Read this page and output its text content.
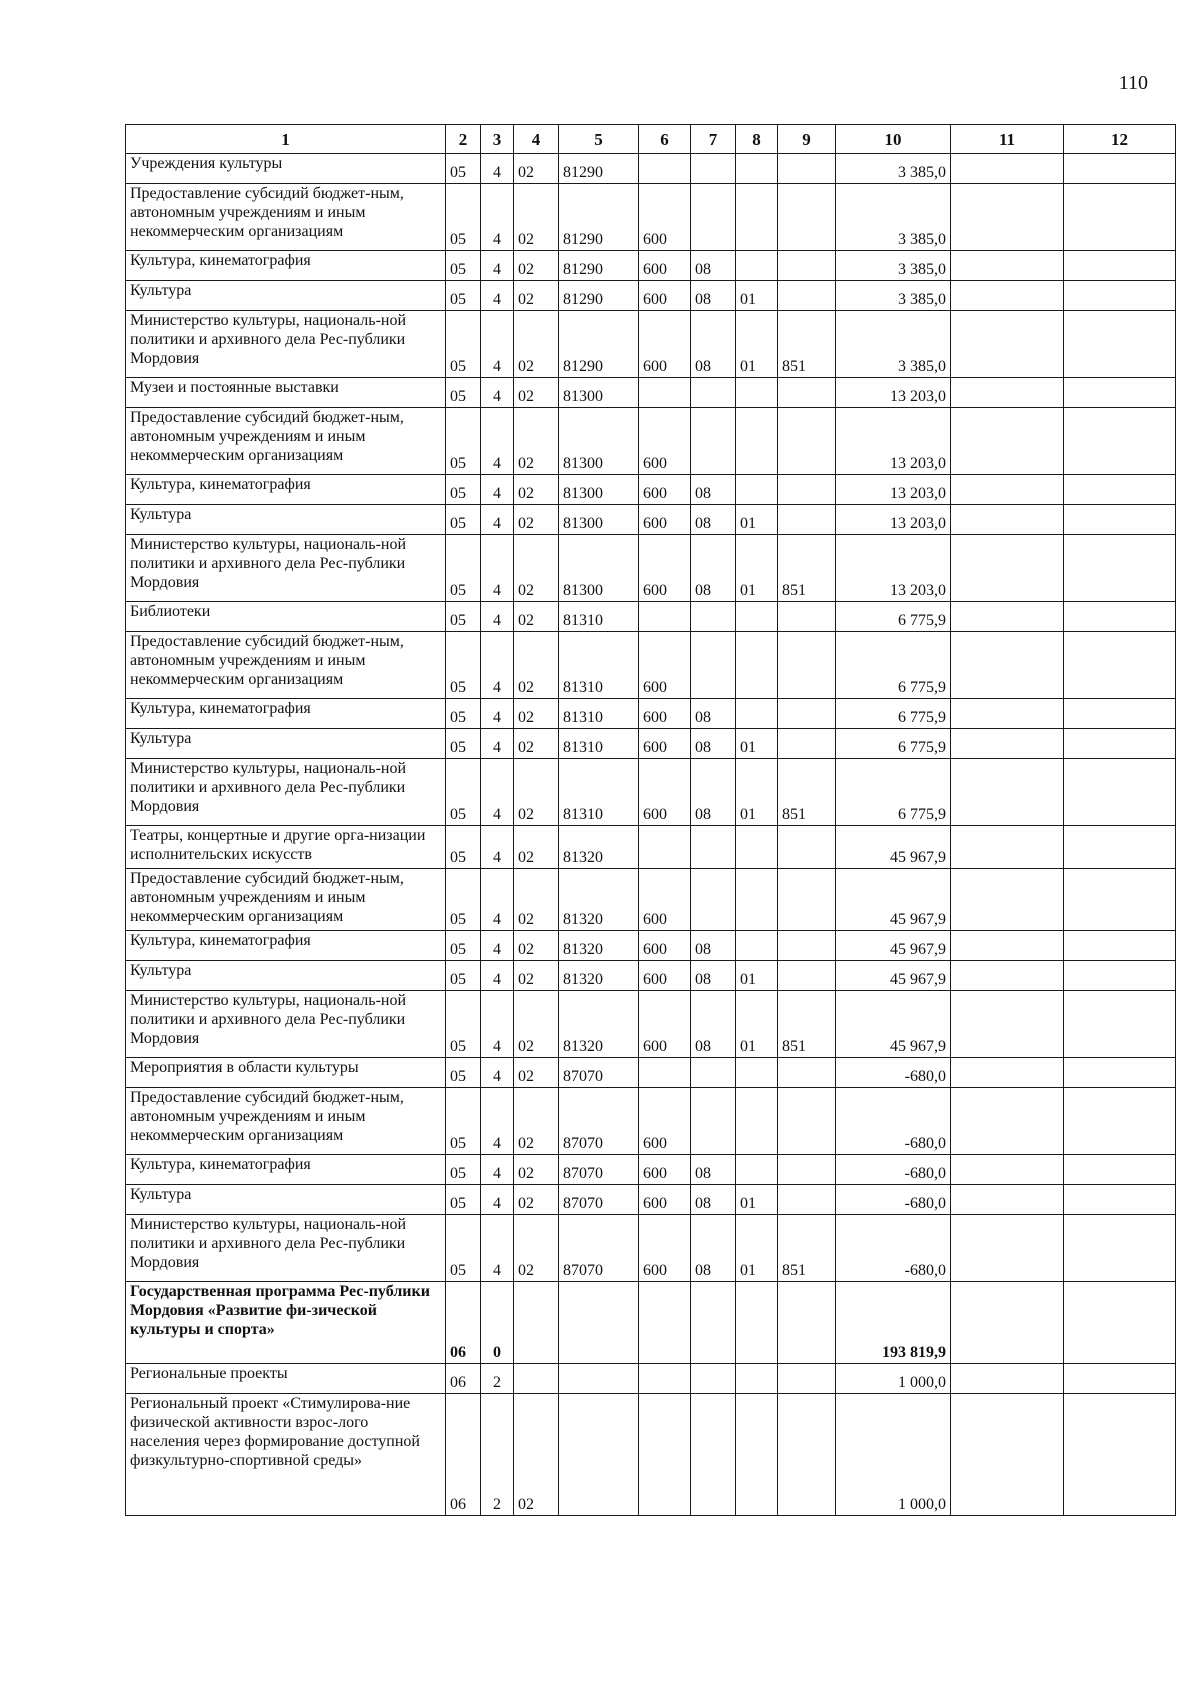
110
1	2	3	4	5	6	7	8	9	10	11	12
Учреждения культуры	05	4	02	81290					3 385,0		
Предоставление субсидий бюджет-ным, автономным учреждениям и иным некоммерческим организациям	05	4	02	81290	600				3 385,0		
Культура, кинематография	05	4	02	81290	600	08			3 385,0		
Культура	05	4	02	81290	600	08	01		3 385,0		
Министерство культуры, националь-ной политики и архивного дела Рес-публики Мордовия	05	4	02	81290	600	08	01	851	3 385,0		
Музеи и постоянные выставки	05	4	02	81300					13 203,0		
Предоставление субсидий бюджет-ным, автономным учреждениям и иным некоммерческим организациям	05	4	02	81300	600				13 203,0		
Культура, кинематография	05	4	02	81300	600	08			13 203,0		
Культура	05	4	02	81300	600	08	01		13 203,0		
Министерство культуры, националь-ной политики и архивного дела Рес-публики Мордовия	05	4	02	81300	600	08	01	851	13 203,0		
Библиотеки	05	4	02	81310					6 775,9		
Предоставление субсидий бюджет-ным, автономным учреждениям и иным некоммерческим организациям	05	4	02	81310	600				6 775,9		
Культура, кинематография	05	4	02	81310	600	08			6 775,9		
Культура	05	4	02	81310	600	08	01		6 775,9		
Министерство культуры, националь-ной политики и архивного дела Рес-публики Мордовия	05	4	02	81310	600	08	01	851	6 775,9		
Театры, концертные и другие орга-низации исполнительских искусств	05	4	02	81320					45 967,9		
Предоставление субсидий бюджет-ным, автономным учреждениям и иным некоммерческим организациям	05	4	02	81320	600				45 967,9		
Культура, кинематография	05	4	02	81320	600	08			45 967,9		
Культура	05	4	02	81320	600	08	01		45 967,9		
Министерство культуры, националь-ной политики и архивного дела Рес-публики Мордовия	05	4	02	81320	600	08	01	851	45 967,9		
Мероприятия в области культуры	05	4	02	87070					-680,0		
Предоставление субсидий бюджет-ным, автономным учреждениям и иным некоммерческим организациям	05	4	02	87070	600				-680,0		
Культура, кинематография	05	4	02	87070	600	08			-680,0		
Культура	05	4	02	87070	600	08	01		-680,0		
Министерство культуры, националь-ной политики и архивного дела Рес-публики Мордовия	05	4	02	87070	600	08	01	851	-680,0		
Государственная программа Рес-публики Мордовия «Развитие фи-зической культуры и спорта»	06	0							193 819,9		
Региональные проекты	06	2							1 000,0		
Региональный проект «Стимулирова-ние физической активности взрос-лого населения через формирование доступной физкультурно-спортивной среды»	06	2	02						1 000,0		
